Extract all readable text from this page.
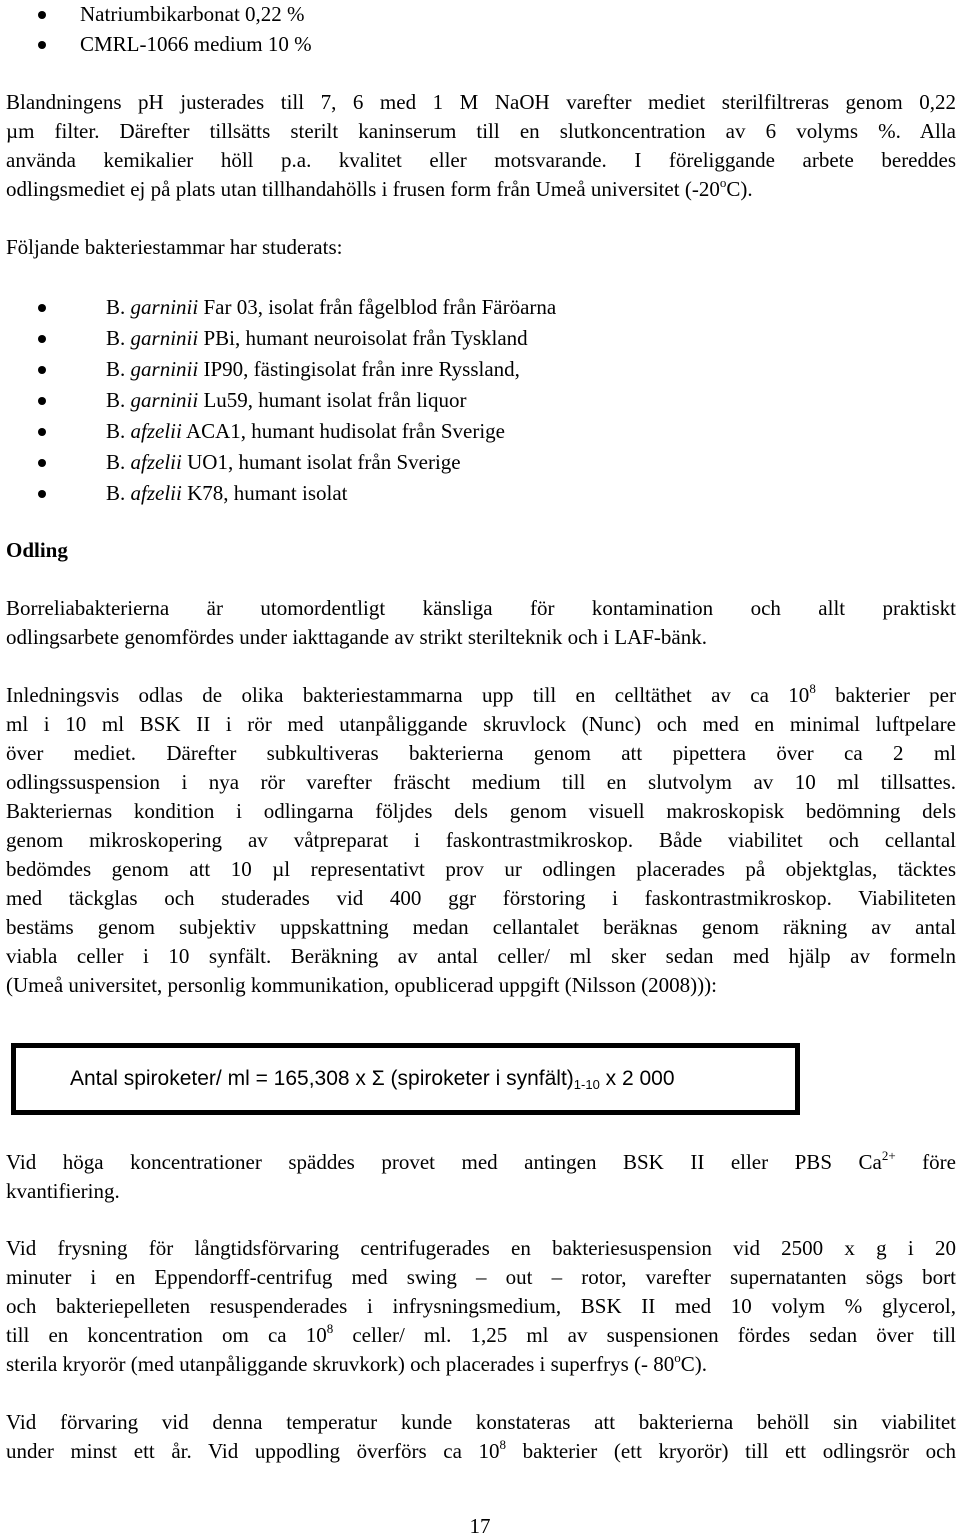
Natriumbikarbonat 0,22 %
CMRL-1066 medium 10 %
Blandningens pH justerades till 7, 6 med 1 M NaOH varefter mediet sterilfiltreras genom 0,22
µm filter. Därefter tillsätts sterilt kaninserum till en slutkoncentration av 6 volyms %. Alla
använda kemikalier höll p.a. kvalitet eller motsvarande. I föreliggande arbete bereddes
odlingsmediet ej på plats utan tillhandahölls i frusen form från Umeå universitet (-20$^o$C).
Följande bakteriestammar har studerats:
B. garninii Far 03, isolat från fågelblod från Färöarna
B. garninii PBi, humant neuroisolat från Tyskland
B. garninii IP90, fästingisolat från inre Ryssland,
B. garninii Lu59, humant isolat från liquor
B. afzelii ACA1, humant hudisolat från Sverige
B. afzelii UO1, humant isolat från Sverige
B. afzelii K78, humant isolat
Odling
Borreliabakterierna är utomordentligt känsliga för kontamination och allt praktiskt
odlingsarbete genomfördes under iakttagande av strikt sterilteknik och i LAF-bänk.
Inledningsvis odlas de olika bakteriestammarna upp till en celltäthet av ca $10^8$ bakterier per
ml i 10 ml BSK II i rör med utanpåliggande skruvlock (Nunc) och med en minimal luftpelare
över mediet. Därefter subkultiveras bakterierna genom att pipettera över ca 2 ml
odlingssuspension i nya rör varefter fräscht medium till en slutvolym av 10 ml tillsattes.
Bakteriernas kondition i odlingarna följdes dels genom visuell makroskopisk bedömning dels
genom mikroskopering av våtpreparat i faskontrastmikroskop. Både viabilitet och cellantal
bedömdes genom att 10 µl representativt prov ur odlingen placerades på objektglas, täcktes
med täckglas och studerades vid 400 ggr förstoring i faskontrastmikroskop. Viabiliteten
bestäms genom subjektiv uppskattning medan cellantalet beräknas genom räkning av antal
viabla celler i 10 synfält. Beräkning av antal celler/ ml sker sedan med hjälp av formeln
(Umeå universitet, personlig kommunikation, opublicerad uppgift (Nilsson (2008))):
Antal spiroketer/ ml = 165,308 x Σ (spiroketer i $synfält)_{1-10}$ x 2 000
Vid höga koncentrationer späddes provet med antingen BSK II eller PBS $Ca^{2+}$ före
kvantifiering.
Vid frysning för långtidsförvaring centrifugerades en bakteriesuspension vid 2500 x g i 20
minuter i en Eppendorff-centrifug med swing – out – rotor, varefter supernatanten sögs bort
och bakteriepelleten resuspenderades i infrysningsmedium, BSK II med 10 volym % glycerol,
till en koncentration om ca $10^8$ celler/ ml. 1,25 ml av suspensionen fördes sedan över till
sterila kryorör (med utanpåliggande skruvkork) och placerades i superfrys (- 80$^o$C).
Vid förvaring vid denna temperatur kunde konstateras att bakterierna behöll sin viabilitet
under minst ett år. Vid uppodling överförs ca $10^8$ bakterier (ett kryorör) till ett odlingsrör och
17
